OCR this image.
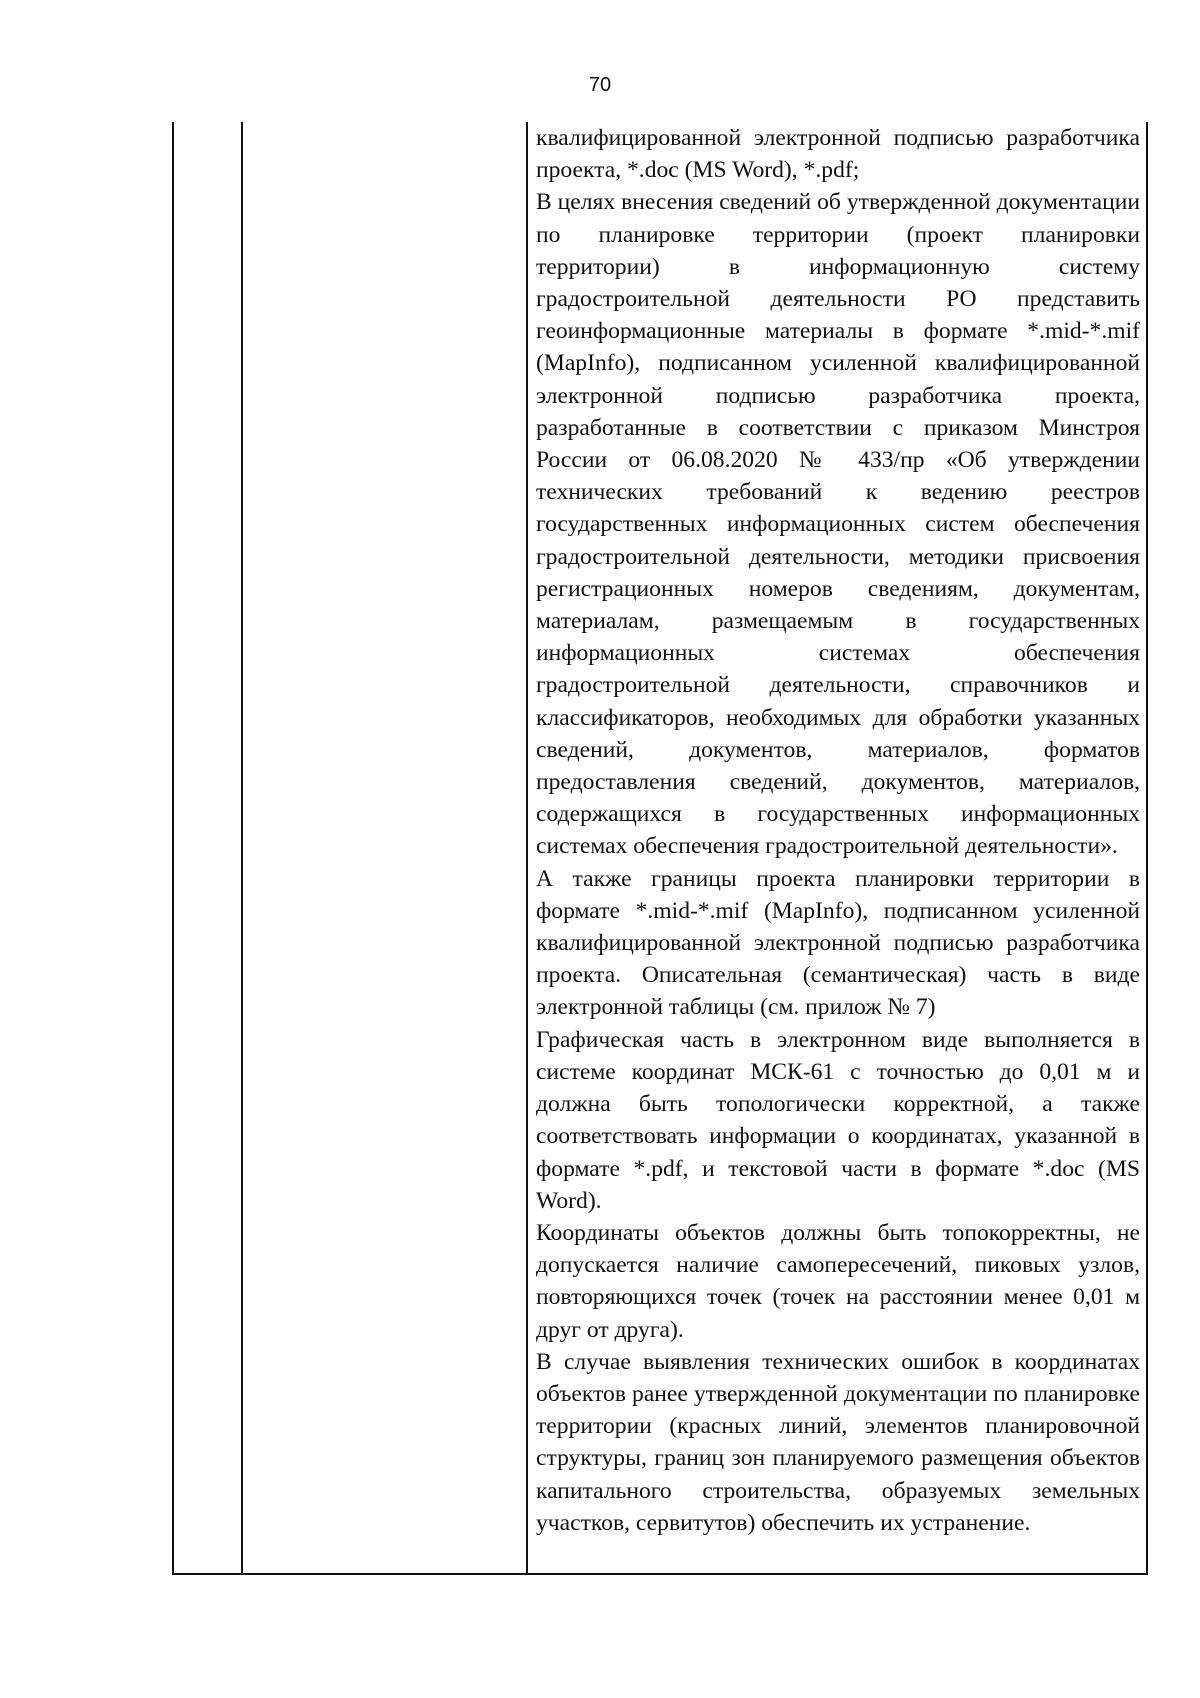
70

квалифицированной электронной подписью разработчика проекта, *.doc (MS Word), *.pdf;

В целях внесения сведений об утвержденной документации по планировке территории (проект планировки территории) в информационную систему градостроительной деятельности РО представить геоинформационные материалы в формате *.mid-*.mif (MapInfo), подписанном усиленной квалифицированной электронной подписью разработчика проекта, разработанные в соответствии с приказом Минстроя России от 06.08.2020 № 433/пр «Об утверждении технических требований к ведению реестров государственных информационных систем обеспечения градостроительной деятельности, методики присвоения регистрационных номеров сведениям, документам, материалам, размещаемым в государственных информационных системах обеспечения градостроительной деятельности, справочников и классификаторов, необходимых для обработки указанных сведений, документов, материалов, форматов предоставления сведений, документов, материалов, содержащихся в государственных информационных системах обеспечения градостроительной деятельности».

А также границы проекта планировки территории в формате *.mid-*.mif (MapInfo), подписанном усиленной квалифицированной электронной подписью разработчика проекта. Описательная (семантическая) часть в виде электронной таблицы (см. прилож № 7)

Графическая часть в электронном виде выполняется в системе координат МСК-61 с точностью до 0,01 м и должна быть топологически корректной, а также соответствовать информации о координатах, указанной в формате *.pdf, и текстовой части в формате *.doc (MS Word).

Координаты объектов должны быть топокорректны, не допускается наличие самопересечений, пиковых узлов, повторяющихся точек (точек на расстоянии менее 0,01 м друг от друга).

В случае выявления технических ошибок в координатах объектов ранее утвержденной документации по планировке территории (красных линий, элементов планировочной структуры, границ зон планируемого размещения объектов капитального строительства, образуемых земельных участков, сервитутов) обеспечить их устранение.
